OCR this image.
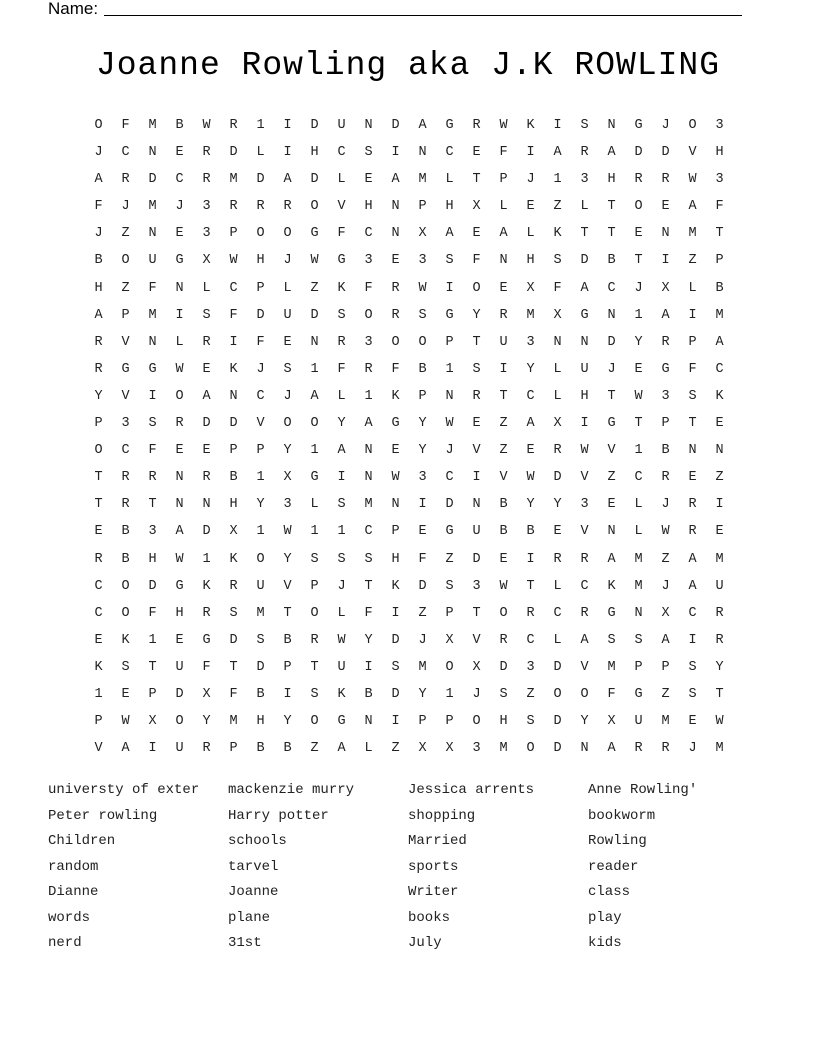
Name:
Joanne Rowling aka J.K ROWLING
O	F	M	B	W	R	1	I	D	U	N	D	A	G	R	W	K	I	S	N	G	J	O	3
J	C	N	E	R	D	L	I	H	C	S	I	N	C	E	F	I	A	R	A	D	D	V	H
A	R	D	C	R	M	D	A	D	L	E	A	M	L	T	P	J	1	3	H	R	R	W	3
F	J	M	J	3	R	R	R	O	V	H	N	P	H	X	L	E	Z	L	T	O	E	A	F
J	Z	N	E	3	P	O	O	G	F	C	N	X	A	E	A	L	K	T	T	E	N	M	T
B	O	U	G	X	W	H	J	W	G	3	E	3	S	F	N	H	S	D	B	T	I	Z	P
H	Z	F	N	L	C	P	L	Z	K	F	R	W	I	O	E	X	F	A	C	J	X	L	B
A	P	M	I	S	F	D	U	D	S	O	R	S	G	Y	R	M	X	G	N	1	A	I	M
R	V	N	L	R	I	F	E	N	R	3	O	O	P	T	U	3	N	N	D	Y	R	P	A
R	G	G	W	E	K	J	S	1	F	R	F	B	1	S	I	Y	L	U	J	E	G	F	C
Y	V	I	O	A	N	C	J	A	L	1	K	P	N	R	T	C	L	H	T	W	3	S	K
P	3	S	R	D	D	V	O	O	Y	A	G	Y	W	E	Z	A	X	I	G	T	P	T	E
O	C	F	E	E	P	P	Y	1	A	N	E	Y	J	V	Z	E	R	W	V	1	B	N	N
T	R	R	N	R	B	1	X	G	I	N	W	3	C	I	V	W	D	V	Z	C	R	E	Z
T	R	T	N	N	H	Y	3	L	S	M	N	I	D	N	B	Y	Y	3	E	L	J	R	I
E	B	3	A	D	X	1	W	1	1	C	P	E	G	U	B	B	E	V	N	L	W	R	E
R	B	H	W	1	K	O	Y	S	S	S	H	F	Z	D	E	I	R	R	A	M	Z	A	M
C	O	D	G	K	R	U	V	P	J	T	K	D	S	3	W	T	L	C	K	M	J	A	U
C	O	F	H	R	S	M	T	O	L	F	I	Z	P	T	O	R	C	R	G	N	X	C	R
E	K	1	E	G	D	S	B	R	W	Y	D	J	X	V	R	C	L	A	S	S	A	I	R
K	S	T	U	F	T	D	P	T	U	I	S	M	O	X	D	3	D	V	M	P	P	S	Y
1	E	P	D	X	F	B	I	S	K	B	D	Y	1	J	S	Z	O	O	F	G	Z	S	T
P	W	X	O	Y	M	H	Y	O	G	N	I	P	P	O	H	S	D	Y	X	U	M	E	W
V	A	I	U	R	P	B	B	Z	A	L	Z	X	X	3	M	O	D	N	A	R	R	J	M
universty of exter	mackenzie murry	Jessica arrents	Anne Rowling'
Peter rowling	Harry potter	shopping	bookworm
Children	schools	Married	Rowling
random	tarvel	sports	reader
Dianne	Joanne	Writer	class
words	plane	books	play
nerd	31st	July	kids
